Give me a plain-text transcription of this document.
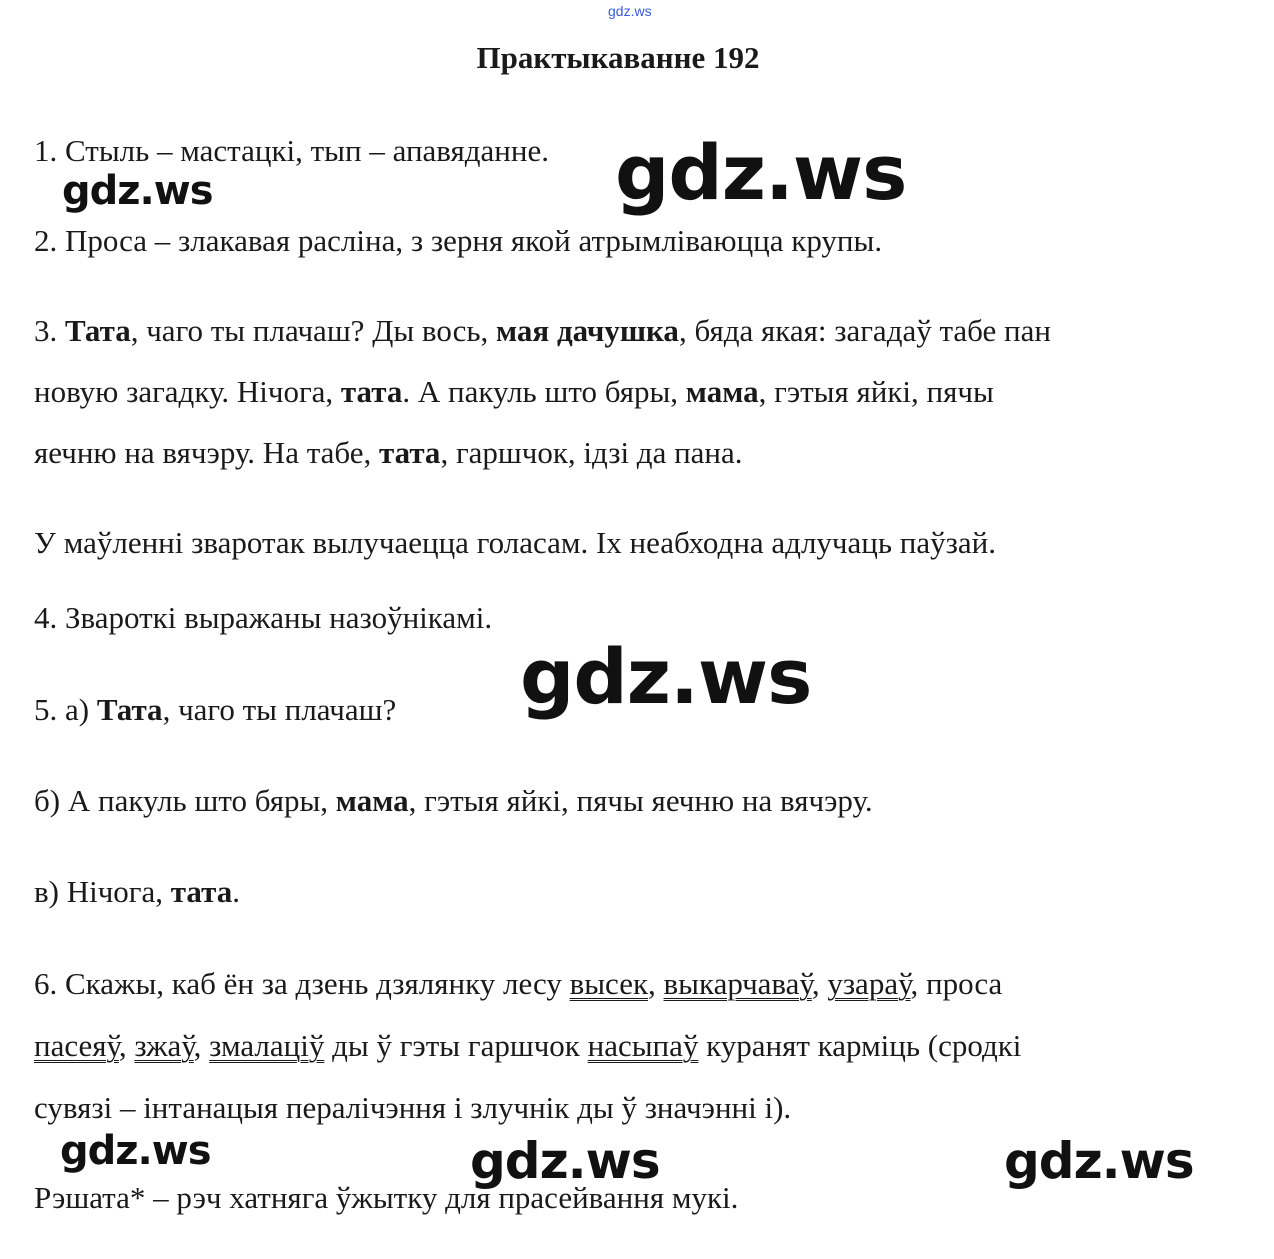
gdz.ws
Практыкаванне 192
1. Стыль – мастацкі, тып – апавяданне.
2. Проса – злакавая расліна, з зерня якой атрымліваюцца крупы.
3. Тата, чаго ты плачаш? Ды вось, мая дачушка, бяда якая: загадаў табе пан
новую загадку. Нічога, тата. А пакуль што бяры, мама, гэтыя яйкі, пячы
яечню на вячэру. На табе, тата, гаршчок, ідзі да пана.
У маўленні зваротак вылучаецца голасам. Іх неабходна адлучаць паўзай.
4. Звароткі выражаны назоўнікамі.
5. а) Тата, чаго ты плачаш?
б) А пакуль што бяры, мама, гэтыя яйкі, пячы яечню на вячэру.
в) Нічога, тата.
6. Скажы, каб ён за дзень дзялянку лесу высек, выкарчаваў, узараў, проса
пасеяў, зжаў, змалаціў ды ў гэты гаршчок насыпаў куранят карміць (сродкі
сувязі – інтанацыя пералічэння і злучнік ды ў значэнні і).
Рэшата* – рэч хатняга ўжытку для прасейвання мукі.
gdz.ws
gdz.ws
gdz.ws
gdz.ws	gdz.ws	gdz.ws
